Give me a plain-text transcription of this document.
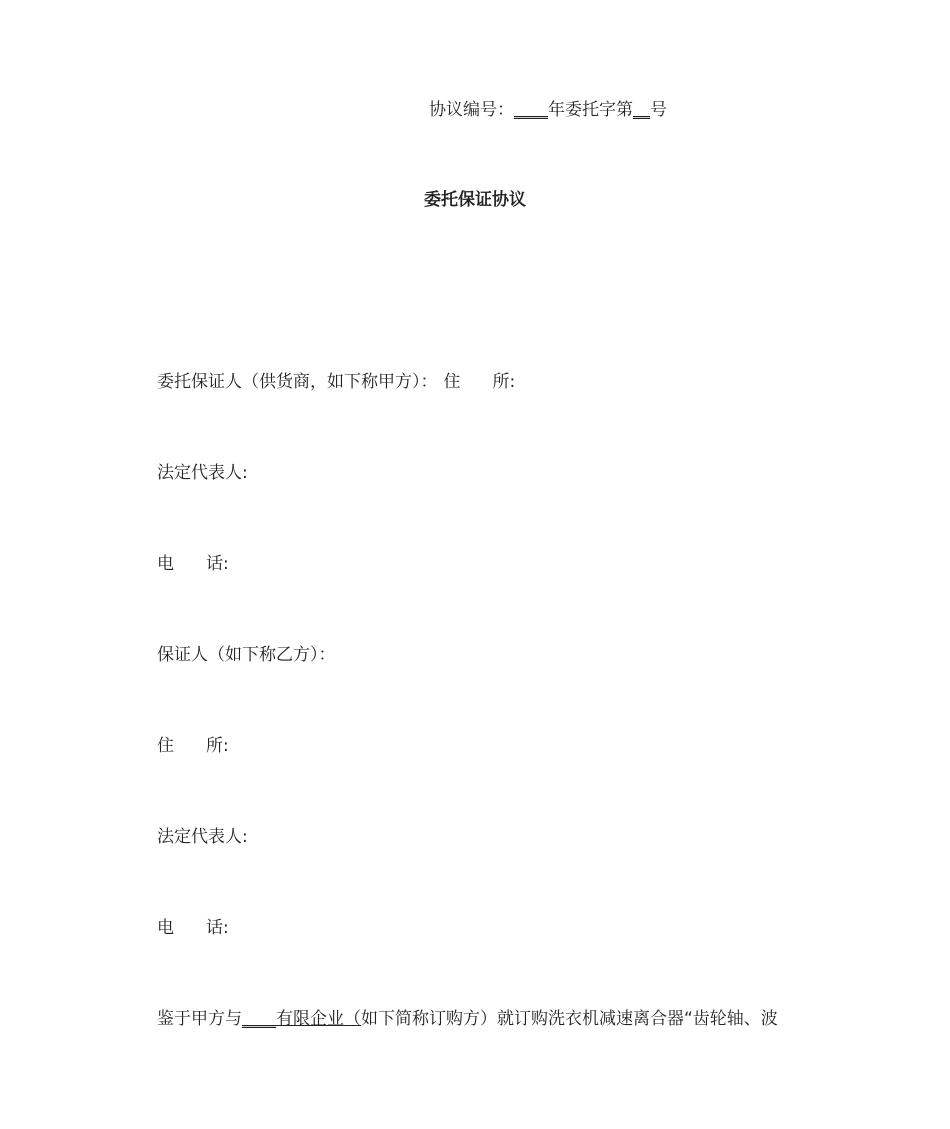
协议编号：____年委托字第__号
委托保证协议
委托保证人（供货商，如下称甲方）： 住 所:
法定代表人:
电 话:
保证人（如下称乙方）：
住 所:
法定代表人:
电 话:
鉴于甲方与____有限企业（如下简称订购方）就订购洗衣机减速离合器“齿轮轴、波
